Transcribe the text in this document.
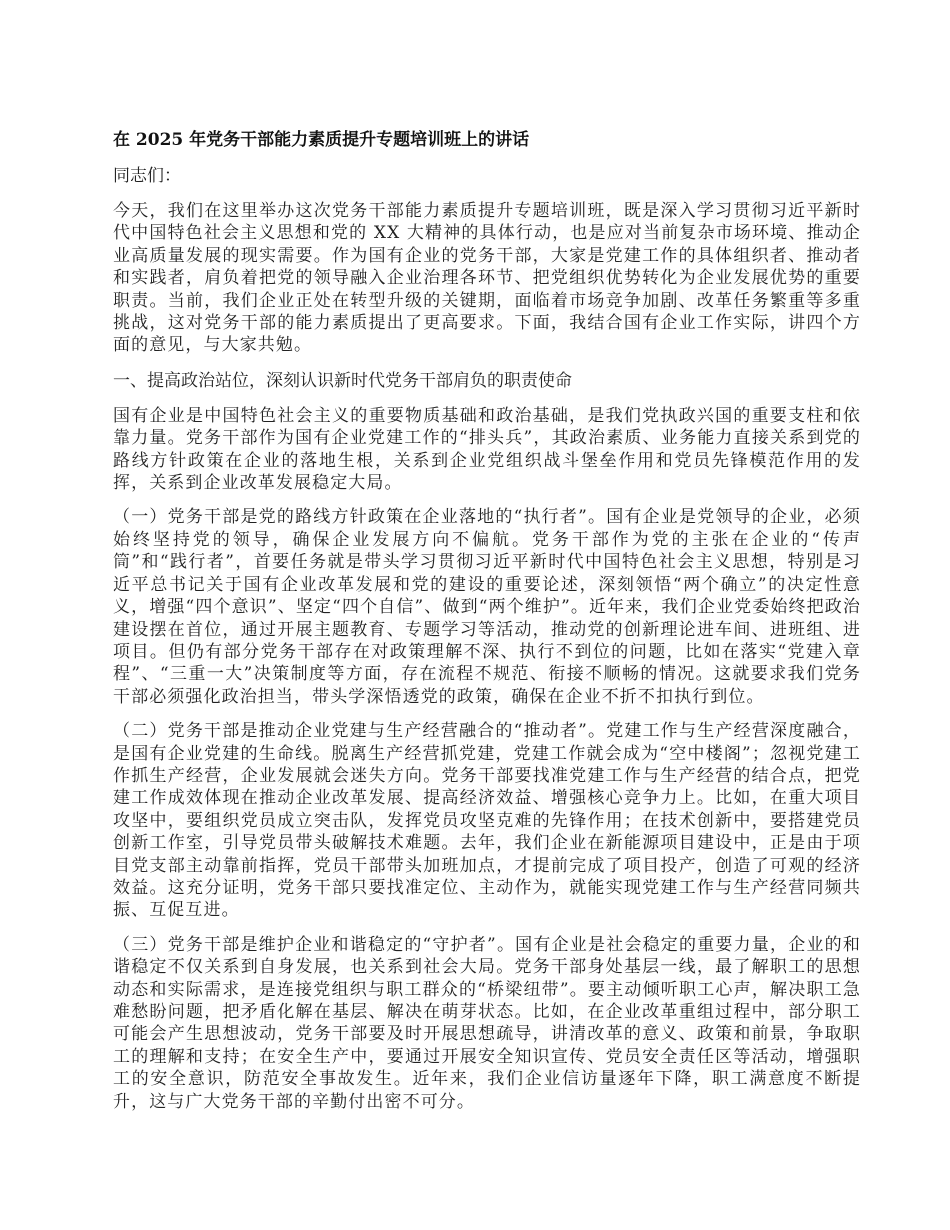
在 2025 年党务干部能力素质提升专题培训班上的讲话

同志们：

今天，我们在这里举办这次党务干部能力素质提升专题培训班，既是深入学习贯彻习近平新时代中国特色社会主义思想和党的 XX 大精神的具体行动，也是应对当前复杂市场环境、推动企业高质量发展的现实需要。作为国有企业的党务干部，大家是党建工作的具体组织者、推动者和实践者，肩负着把党的领导融入企业治理各环节、把党组织优势转化为企业发展优势的重要职责。当前，我们企业正处在转型升级的关键期，面临着市场竞争加剧、改革任务繁重等多重挑战，这对党务干部的能力素质提出了更高要求。下面，我结合国有企业工作实际，讲四个方面的意见，与大家共勉。

一、提高政治站位，深刻认识新时代党务干部肩负的职责使命

国有企业是中国特色社会主义的重要物质基础和政治基础，是我们党执政兴国的重要支柱和依靠力量。党务干部作为国有企业党建工作的“排头兵”，其政治素质、业务能力直接关系到党的路线方针政策在企业的落地生根，关系到企业党组织战斗堡垒作用和党员先锋模范作用的发挥，关系到企业改革发展稳定大局。

（一）党务干部是党的路线方针政策在企业落地的“执行者”。国有企业是党领导的企业，必须始终坚持党的领导，确保企业发展方向不偏航。党务干部作为党的主张在企业的“传声筒”和“践行者”，首要任务就是带头学习贯彻习近平新时代中国特色社会主义思想，特别是习近平总书记关于国有企业改革发展和党的建设的重要论述，深刻领悟“两个确立”的决定性意义，增强“四个意识”、坚定“四个自信”、做到“两个维护”。近年来，我们企业党委始终把政治建设摆在首位，通过开展主题教育、专题学习等活动，推动党的创新理论进车间、进班组、进项目。但仍有部分党务干部存在对政策理解不深、执行不到位的问题，比如在落实“党建入章程”、“三重一大”决策制度等方面，存在流程不规范、衔接不顺畅的情况。这就要求我们党务干部必须强化政治担当，带头学深悟透党的政策，确保在企业不折不扣执行到位。

（二）党务干部是推动企业党建与生产经营融合的“推动者”。党建工作与生产经营深度融合，是国有企业党建的生命线。脱离生产经营抓党建，党建工作就会成为“空中楼阁”；忽视党建工作抓生产经营，企业发展就会迷失方向。党务干部要找准党建工作与生产经营的结合点，把党建工作成效体现在推动企业改革发展、提高经济效益、增强核心竞争力上。比如，在重大项目攻坚中，要组织党员成立突击队，发挥党员攻坚克难的先锋作用；在技术创新中，要搭建党员创新工作室，引导党员带头破解技术难题。去年，我们企业在新能源项目建设中，正是由于项目党支部主动靠前指挥，党员干部带头加班加点，才提前完成了项目投产，创造了可观的经济效益。这充分证明，党务干部只要找准定位、主动作为，就能实现党建工作与生产经营同频共振、互促互进。

（三）党务干部是维护企业和谐稳定的“守护者”。国有企业是社会稳定的重要力量，企业的和谐稳定不仅关系到自身发展，也关系到社会大局。党务干部身处基层一线，最了解职工的思想动态和实际需求，是连接党组织与职工群众的“桥梁纽带”。要主动倾听职工心声，解决职工急难愁盼问题，把矛盾化解在基层、解决在萌芽状态。比如，在企业改革重组过程中，部分职工可能会产生思想波动，党务干部要及时开展思想疏导，讲清改革的意义、政策和前景，争取职工的理解和支持；在安全生产中，要通过开展安全知识宣传、党员安全责任区等活动，增强职工的安全意识，防范安全事故发生。近年来，我们企业信访量逐年下降，职工满意度不断提升，这与广大党务干部的辛勤付出密不可分。
